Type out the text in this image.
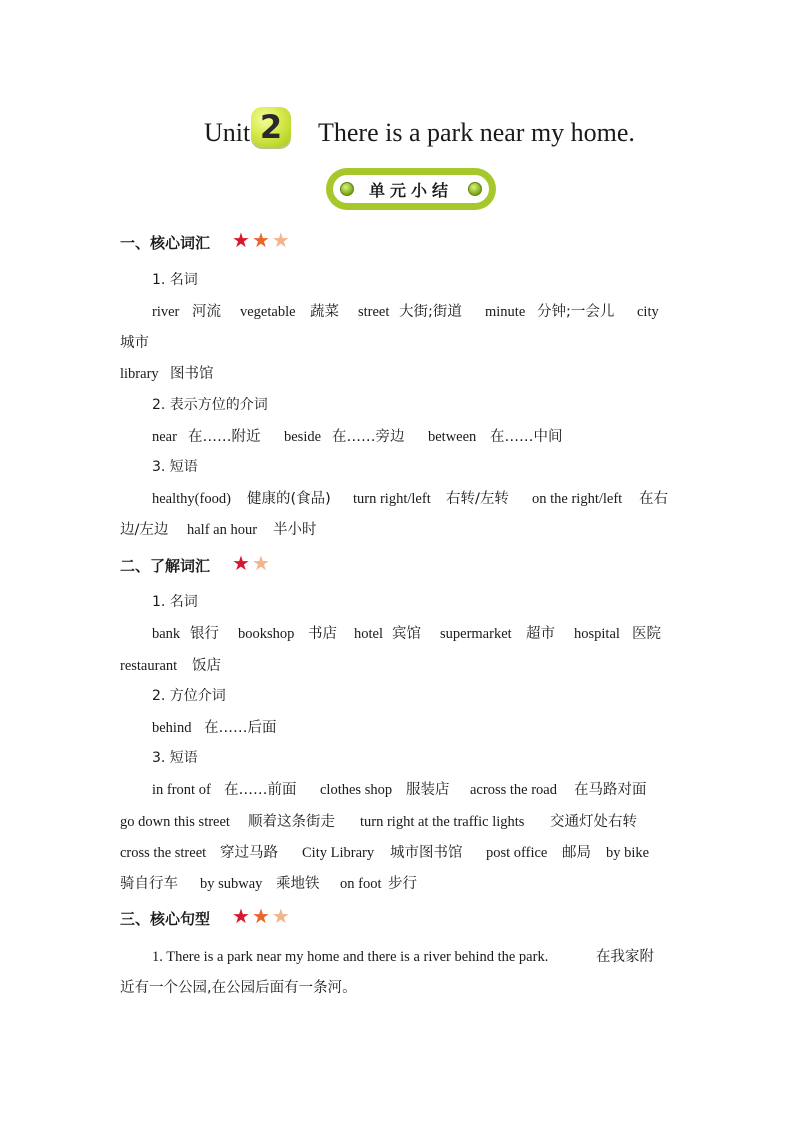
Unit 2	There is a park near my home.
单元小结
一、核心词汇 ★ ★ ★
1. 名词
river 河流 vegetable 蔬菜 street 大街;街道 minute 分钟;一会儿 city
城市
library 图书馆
2. 表示方位的介词
near 在……附近 beside 在……旁边 between 在……中间
3. 短语
healthy(food) 健康的(食品) turn right/left 右转/左转 on the right/left 在右
边/左边 half an hour 半小时
二、了解词汇 ★ ★
1. 名词
bank 银行 bookshop 书店 hotel 宾馆 supermarket 超市 hospital 医院
restaurant 饭店
2. 方位介词
behind 在……后面
3. 短语
in front of 在……前面 clothes shop 服装店 across the road 在马路对面
go down this street 顺着这条街走 turn right at the traffic lights 交通灯处右转
cross the street 穿过马路 City Library 城市图书馆 post office 邮局 by bike
骑自行车 by subway 乘地铁 on foot 步行
三、核心句型 ★ ★ ★
1. There is a park near my home and there is a river behind the park.	在我家附
近有一个公园,在公园后面有一条河。
